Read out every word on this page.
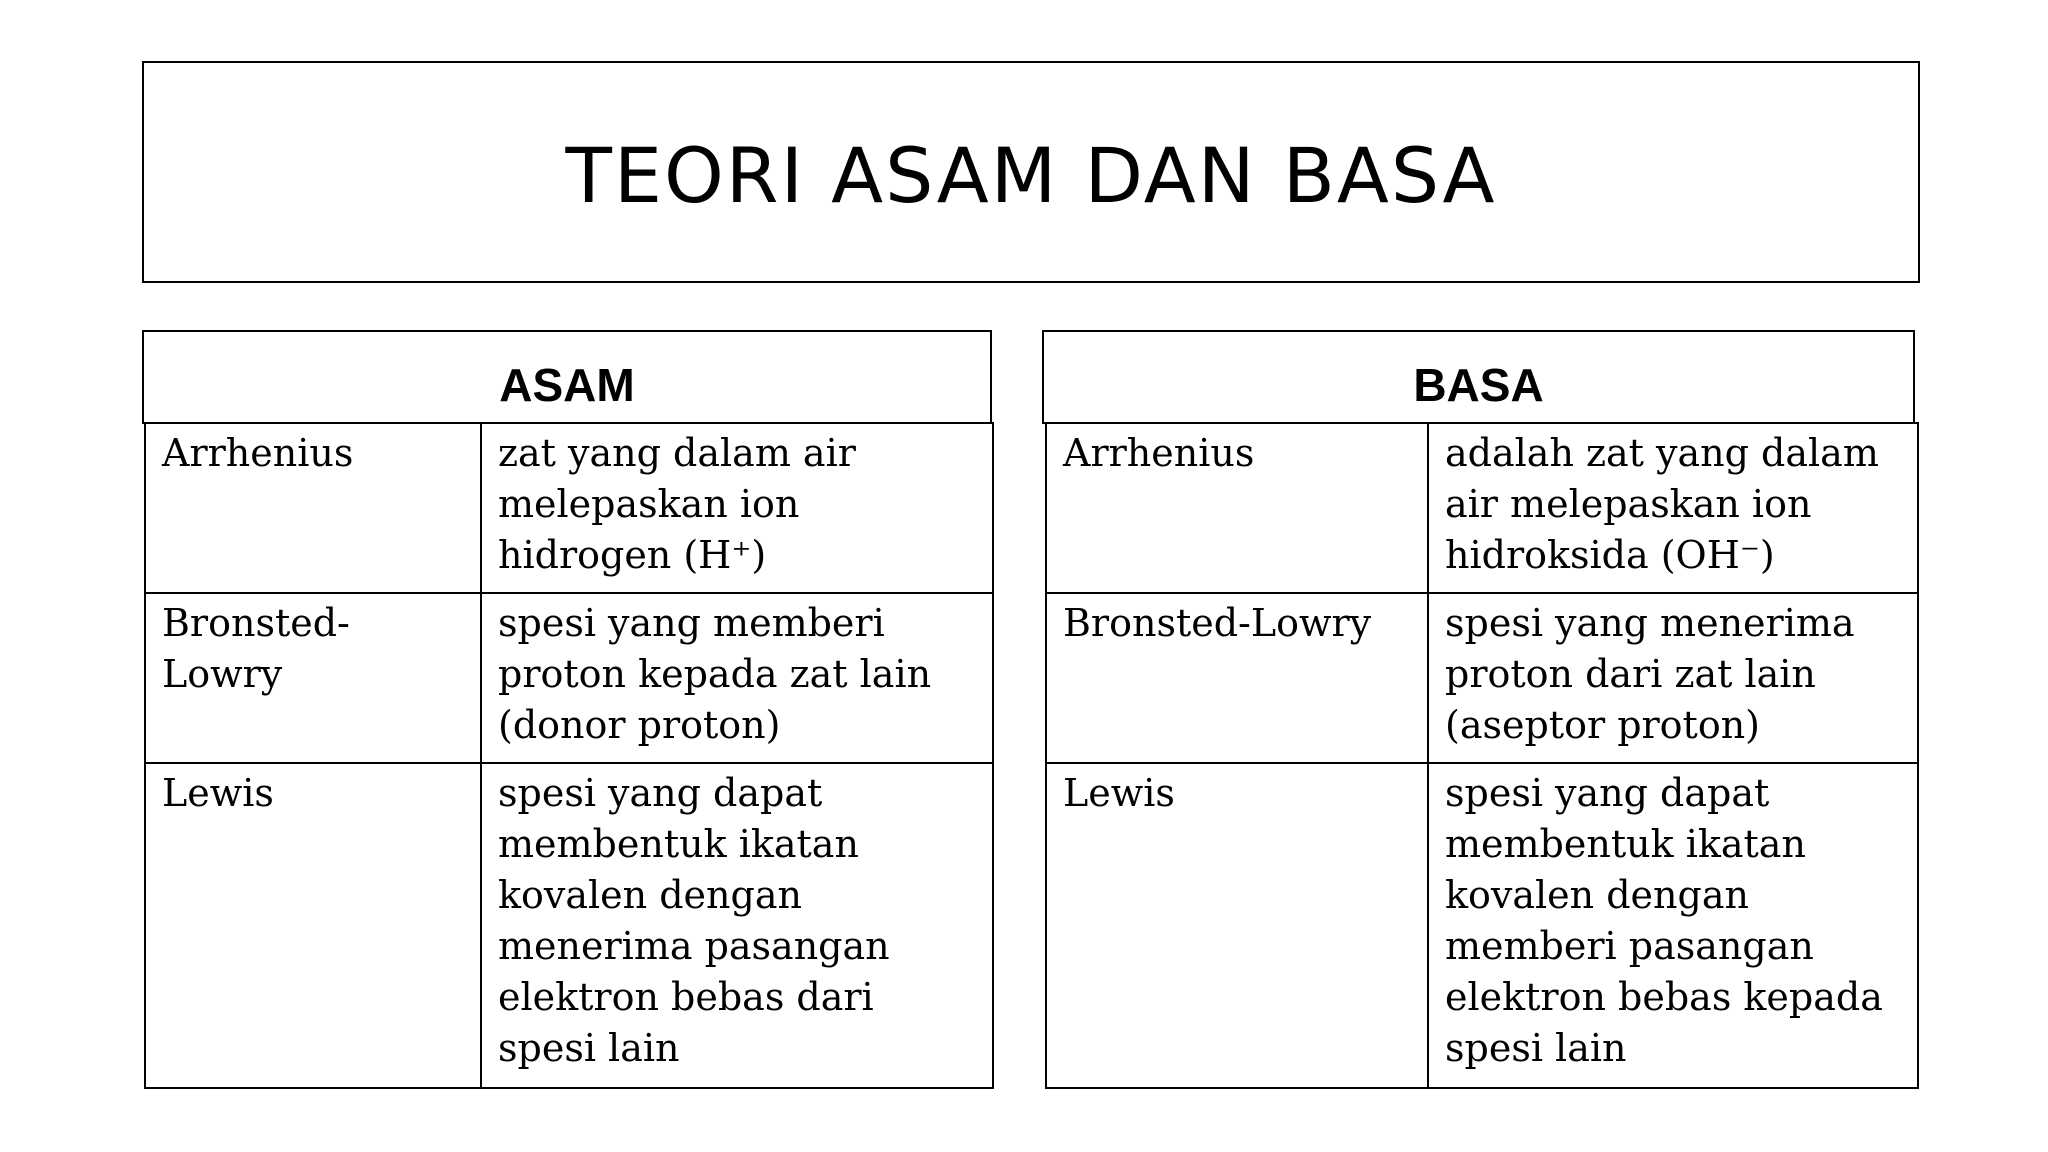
TEORI ASAM DAN BASA
ASAM
Arrhenius	zat yang dalam air melepaskan ion hidrogen (H⁺)
Bronsted-Lowry	spesi yang memberi proton kepada zat lain (donor proton)
Lewis	spesi yang dapat membentuk ikatan kovalen dengan menerima pasangan elektron bebas dari spesi lain
BASA
Arrhenius	adalah zat yang dalam air melepaskan ion hidroksida (OH⁻)
Bronsted-Lowry	spesi yang menerima proton dari zat lain (aseptor proton)
Lewis	spesi yang dapat membentuk ikatan kovalen dengan memberi pasangan elektron bebas kepada spesi lain
